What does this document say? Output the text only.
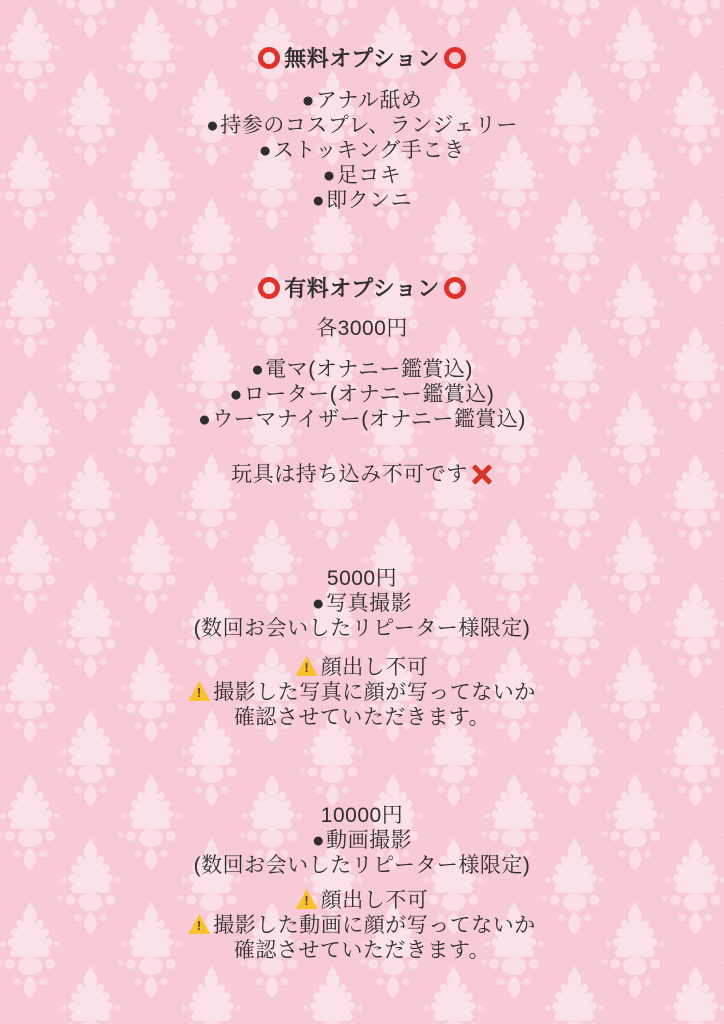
無料オプション
●アナル舐め
●持参のコスプレ、ランジェリー
●ストッキング手こき
●足コキ
●即クンニ
有料オプション
各3000円
●電マ(オナニー鑑賞込)
●ローター(オナニー鑑賞込)
●ウーマナイザー(オナニー鑑賞込)
玩具は持ち込み不可です
5000円
●写真撮影
(数回お会いしたリピーター様限定)
! 顔出し不可
! 撮影した写真に顔が写ってないか
確認させていただきます。
10000円
●動画撮影
(数回お会いしたリピーター様限定)
! 顔出し不可
! 撮影した動画に顔が写ってないか
確認させていただきます。
